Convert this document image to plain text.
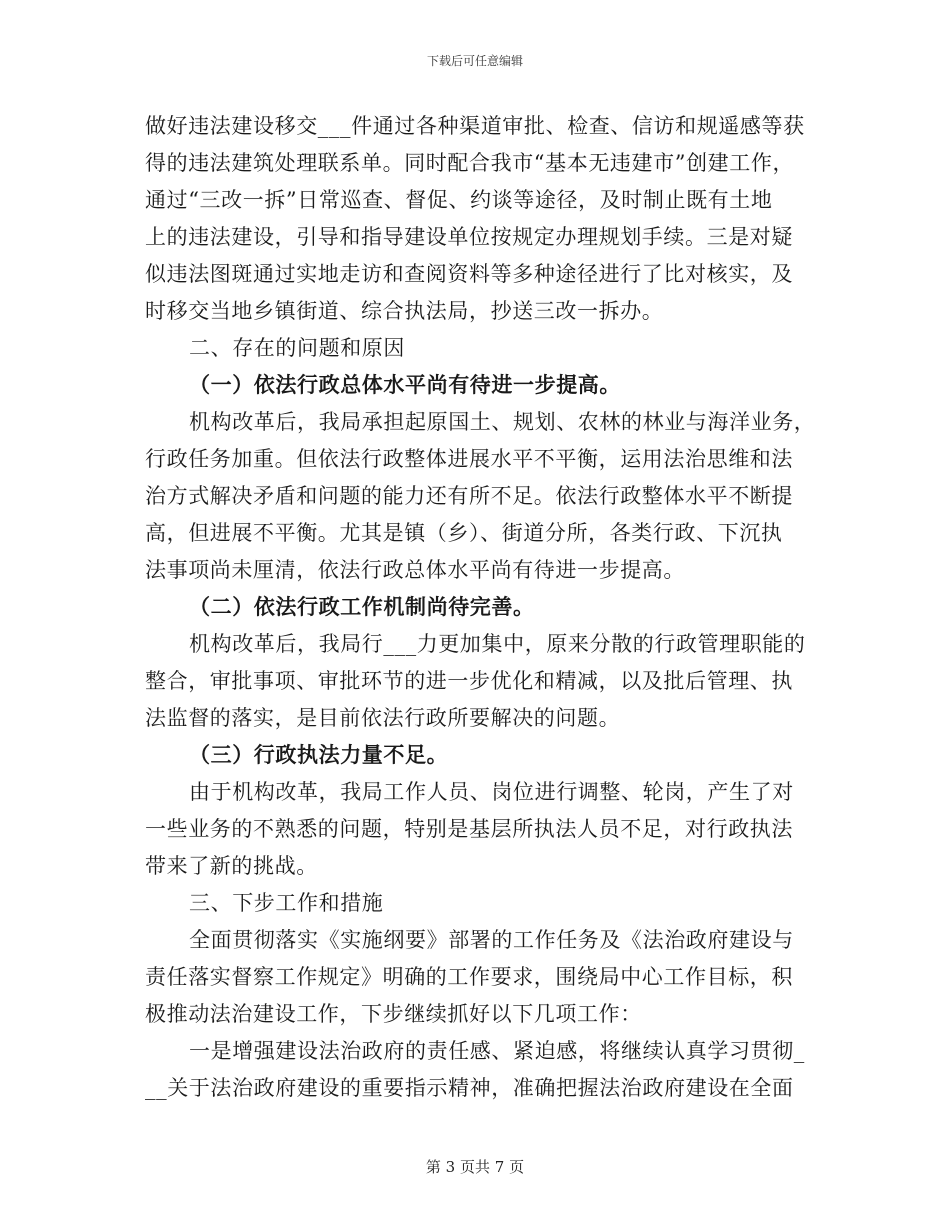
下载后可任意编辑
做好违法建设移交___件通过各种渠道审批、检查、信访和规遥感等获
得的违法建筑处理联系单。同时配合我市“基本无违建市”创建工作，
通过“三改一拆”日常巡查、督促、约谈等途径，及时制止既有土地
上的违法建设，引导和指导建设单位按规定办理规划手续。三是对疑
似违法图斑通过实地走访和查阅资料等多种途径进行了比对核实，及
时移交当地乡镇街道、综合执法局，抄送三改一拆办。
二、存在的问题和原因
（一）依法行政总体水平尚有待进一步提高。
机构改革后，我局承担起原国土、规划、农林的林业与海洋业务，
行政任务加重。但依法行政整体进展水平不平衡，运用法治思维和法
治方式解决矛盾和问题的能力还有所不足。依法行政整体水平不断提
高，但进展不平衡。尤其是镇（乡）、街道分所，各类行政、下沉执
法事项尚未厘清，依法行政总体水平尚有待进一步提高。
（二）依法行政工作机制尚待完善。
机构改革后，我局行___力更加集中，原来分散的行政管理职能的
整合，审批事项、审批环节的进一步优化和精减，以及批后管理、执
法监督的落实，是目前依法行政所要解决的问题。
（三）行政执法力量不足。
由于机构改革，我局工作人员、岗位进行调整、轮岗，产生了对
一些业务的不熟悉的问题，特别是基层所执法人员不足，对行政执法
带来了新的挑战。
三、下步工作和措施
全面贯彻落实《实施纲要》部署的工作任务及《法治政府建设与
责任落实督察工作规定》明确的工作要求，围绕局中心工作目标，积
极推动法治建设工作，下步继续抓好以下几项工作：
一是增强建设法治政府的责任感、紧迫感，将继续认真学习贯彻_
__关于法治政府建设的重要指示精神，准确把握法治政府建设在全面
第 3 页共 7 页
